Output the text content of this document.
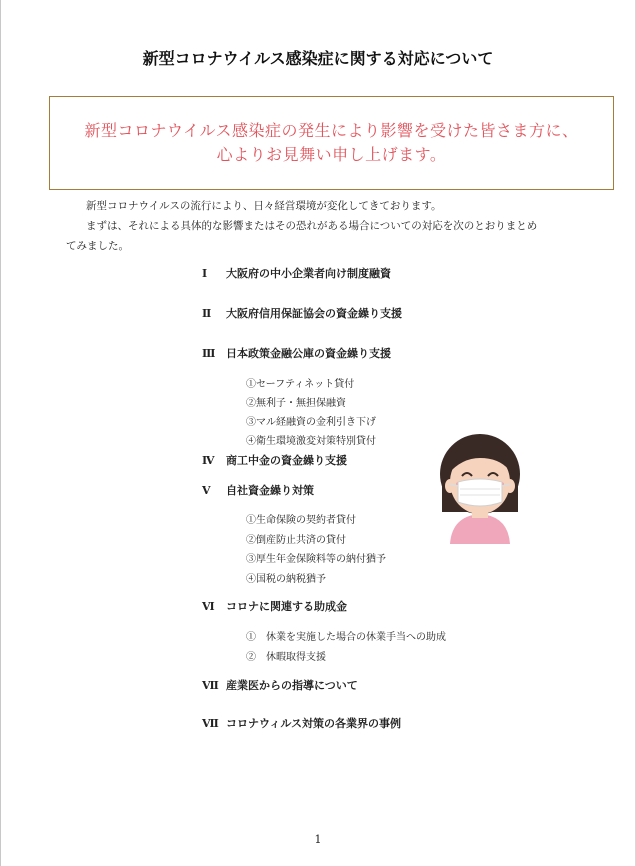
新型コロナウイルス感染症に関する対応について
新型コロナウイルス感染症の発生により影響を受けた皆さま方に、
心よりお見舞い申し上げます。

新型コロナウイルスの流行により、日々経営環境が変化してきております。

まずは、それによる具体的な影響またはその恐れがある場合についての対応を次のとおりまとめ

てみました。

Ⅰ 大阪府の中小企業者向け制度融資
Ⅱ 大阪府信用保証協会の資金繰り支援
Ⅲ 日本政策金融公庫の資金繰り支援
①セーフティネット貸付
②無利子・無担保融資
③マル経融資の金利引き下げ
④衛生環境激変対策特別貸付
Ⅳ 商工中金の資金繰り支援
Ⅴ 自社資金繰り対策
①生命保険の契約者貸付
②倒産防止共済の貸付
③厚生年金保険料等の納付猶予
④国税の納税猶予
Ⅵ コロナに関連する助成金
①　休業を実施した場合の休業手当への助成
②　休暇取得支援
Ⅶ 産業医からの指導について
Ⅶ コロナウィルス対策の各業界の事例
1
